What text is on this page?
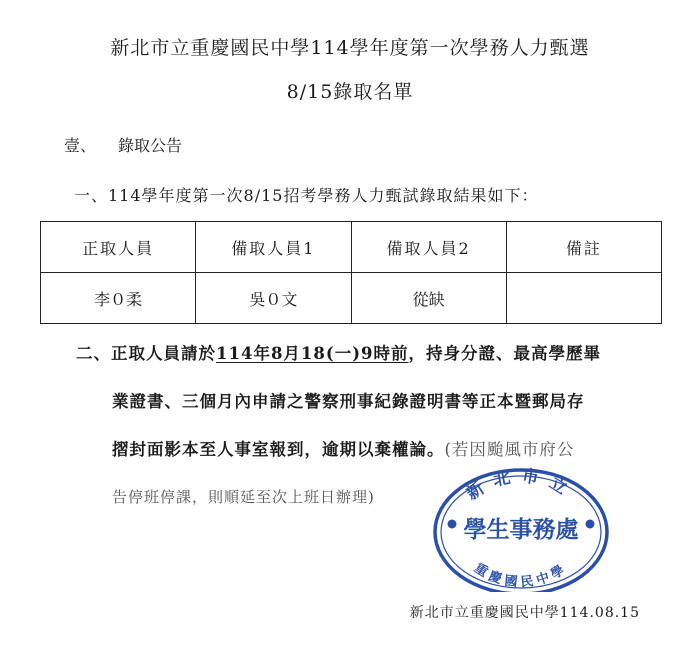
新北市立重慶國民中學114學年度第一次學務人力甄選
8/15錄取名單
壹、 錄取公告
一、114學年度第一次8/15招考學務人力甄試錄取結果如下：
正取人員	備取人員1	備取人員2	備註
李０柔	吳０文	從缺	
二、正取人員請於114年8月18(一)9時前，持身分證、最高學歷畢
業證書、三個月內申請之警察刑事紀錄證明書等正本暨郵局存
摺封面影本至人事室報到，逾期以棄權論。(若因颱風市府公
告停班停課，則順延至次上班日辦理)	新北市立
學生事務處
重慶國民中學
新北市立重慶國民中學114.08.15
